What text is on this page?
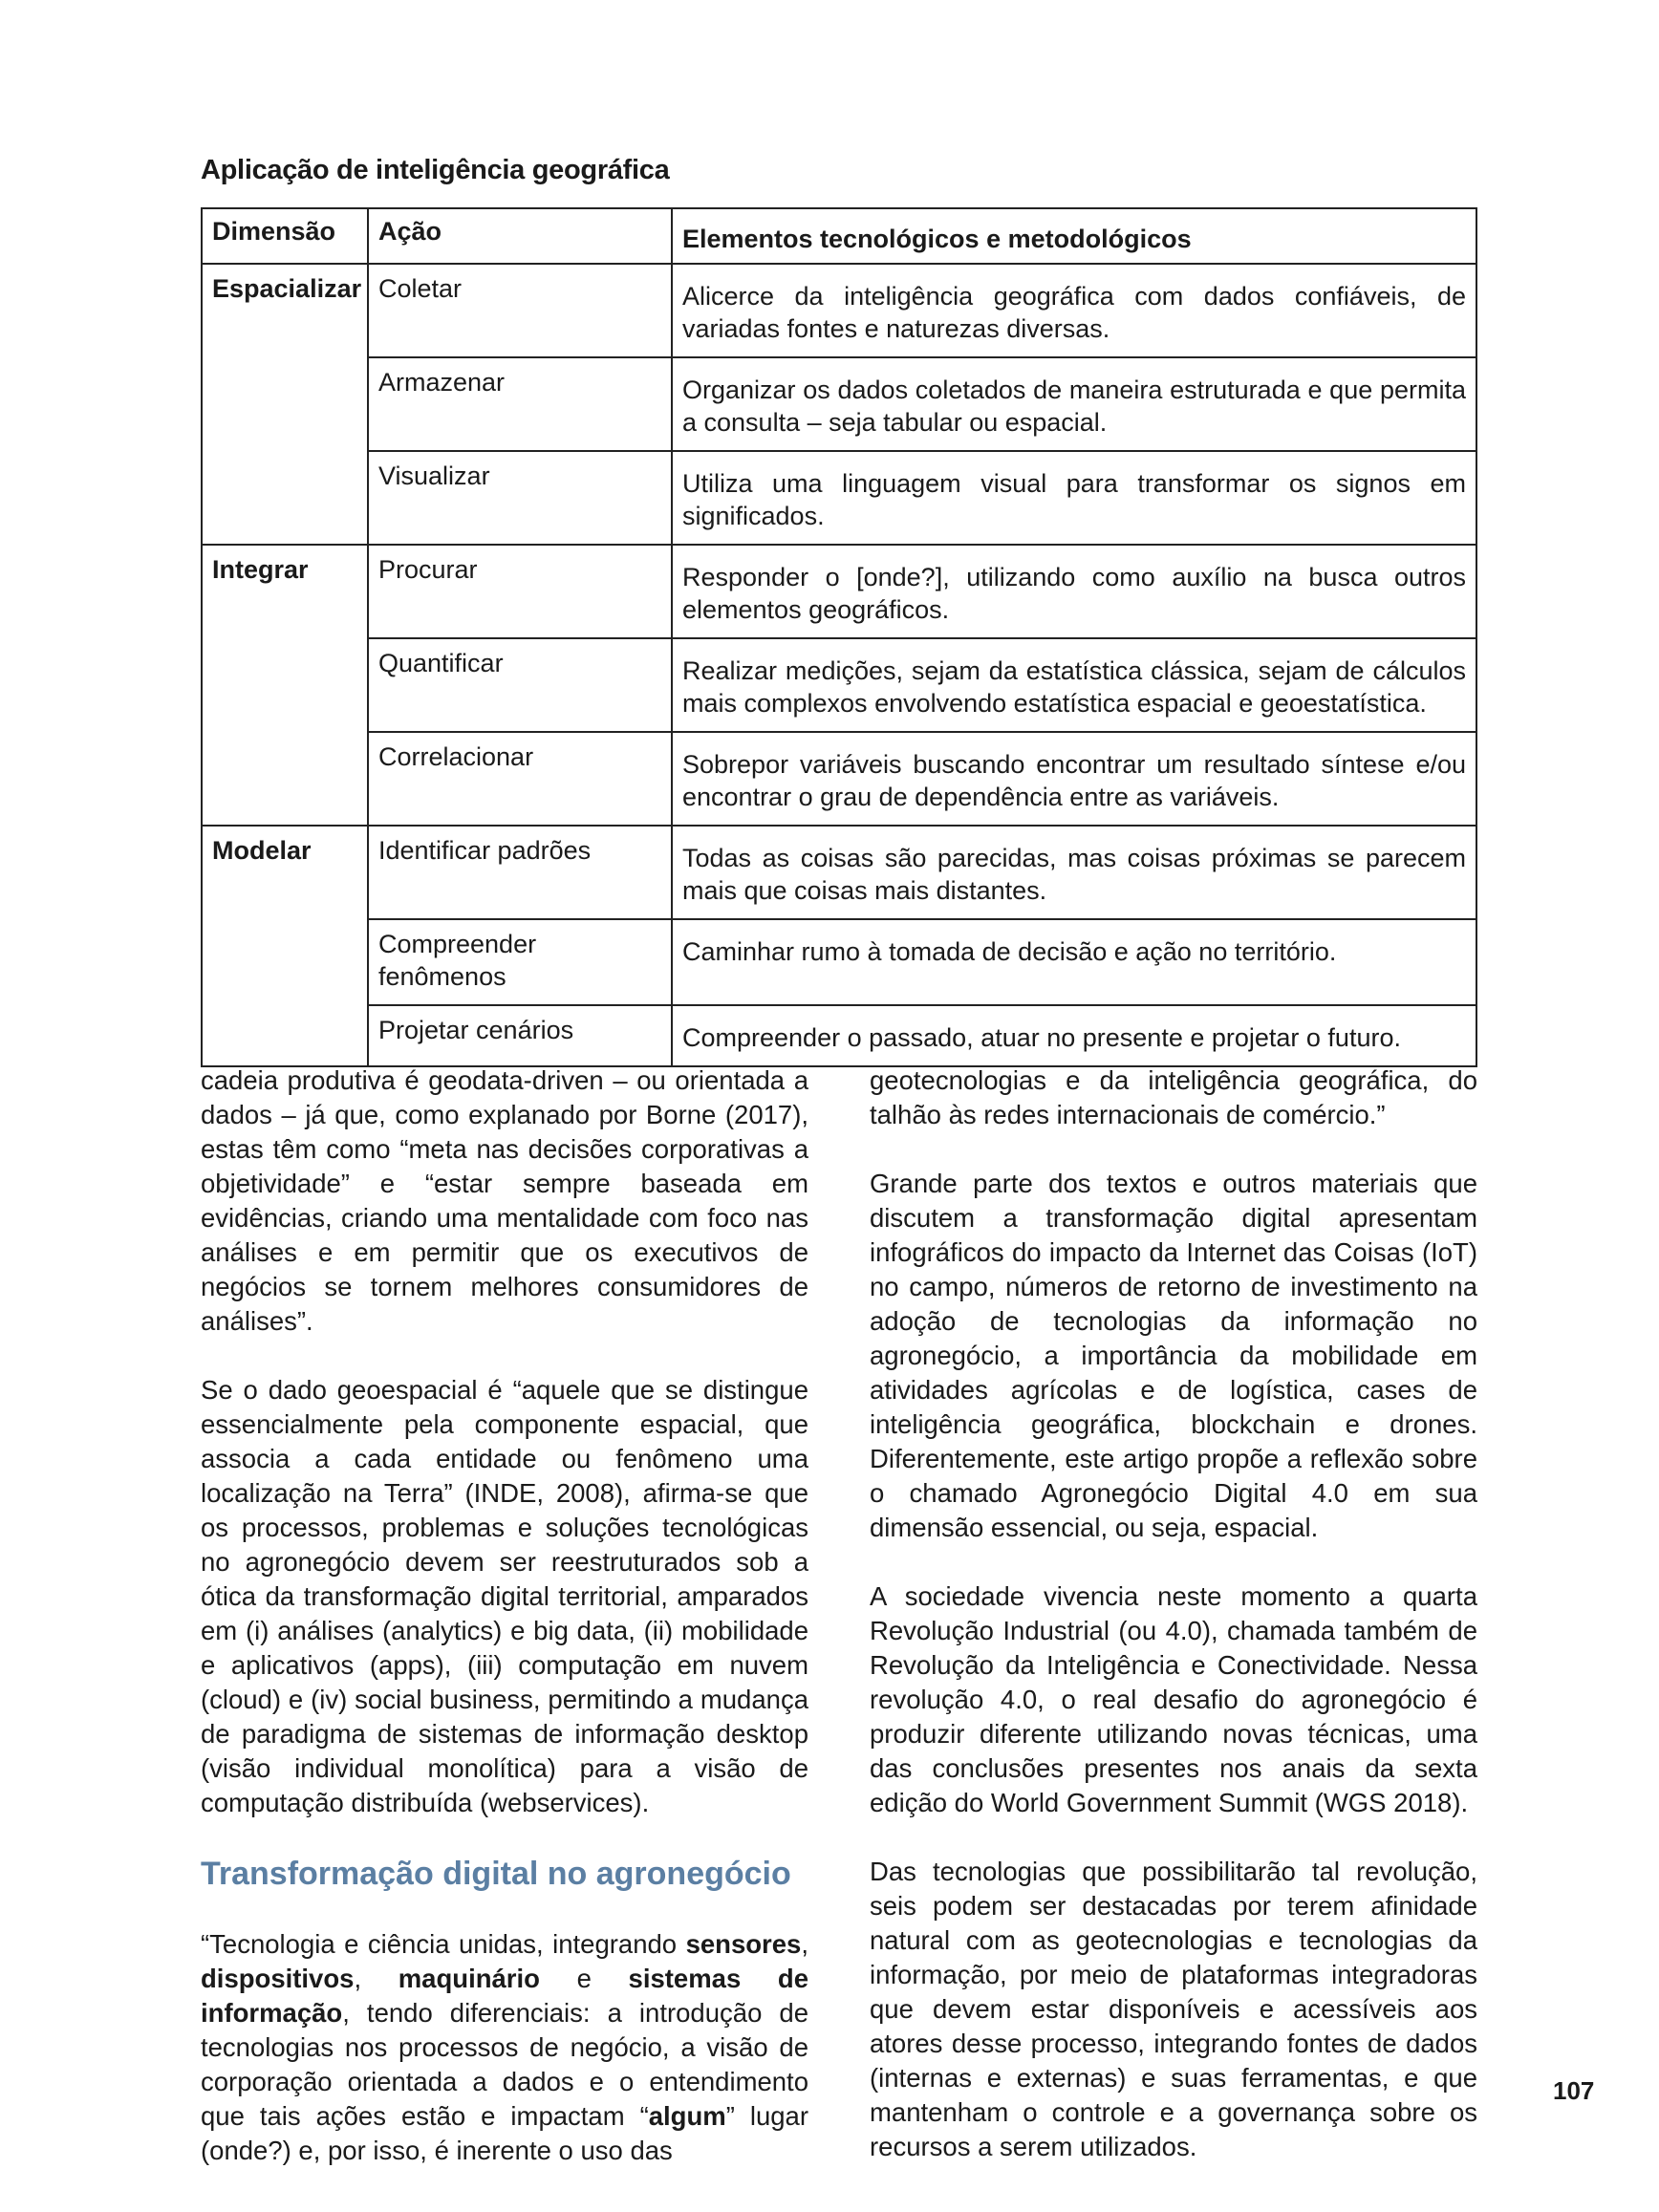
Aplicação de inteligência geográfica
Dimensão	Ação	Elementos tecnológicos e metodológicos
Espacializar	Coletar	Alicerce da inteligência geográfica com dados confiáveis, de variadas fontes e naturezas diversas.
	Armazenar	Organizar os dados coletados de maneira estruturada e que permita a consulta – seja tabular ou espacial.
	Visualizar	Utiliza uma linguagem visual para transformar os signos em significados.
Integrar	Procurar	Responder o [onde?], utilizando como auxílio na busca outros elementos geográficos.
	Quantificar	Realizar medições, sejam da estatística clássica, sejam de cálculos mais complexos envolvendo estatística espacial e geoestatística.
	Correlacionar	Sobrepor variáveis buscando encontrar um resultado síntese e/ou encontrar o grau de dependência entre as variáveis.
Modelar	Identificar padrões	Todas as coisas são parecidas, mas coisas próximas se parecem mais que coisas mais distantes.
	Compreender fenômenos	Caminhar rumo à tomada de decisão e ação no território.
	Projetar cenários	Compreender o passado, atuar no presente e projetar o futuro.

cadeia produtiva é geodata-driven – ou orientada a dados – já que, como explanado por Borne (2017), estas têm como “meta nas decisões corporativas a objetividade” e “estar sempre baseada em evidências, criando uma mentalidade com foco nas análises e em permitir que os executivos de negócios se tornem melhores consumidores de análises”.

Se o dado geoespacial é “aquele que se distingue essencialmente pela componente espacial, que associa a cada entidade ou fenômeno uma localização na Terra” (INDE, 2008), afirma-se que os processos, problemas e soluções tecnológicas no agronegócio devem ser reestruturados sob a ótica da transformação digital territorial, amparados em (i) análises (analytics) e big data, (ii) mobilidade e aplicativos (apps), (iii) computação em nuvem (cloud) e (iv) social business, permitindo a mudança de paradigma de sistemas de informação desktop (visão individual monolítica) para a visão de computação distribuída (webservices).

Transformação digital no agronegócio

“Tecnologia e ciência unidas, integrando sensores, dispositivos, maquinário e sistemas de informação, tendo diferenciais: a introdução de tecnologias nos processos de negócio, a visão de corporação orientada a dados e o entendimento que tais ações estão e impactam “algum” lugar (onde?) e, por isso, é inerente o uso das

geotecnologias e da inteligência geográfica, do talhão às redes internacionais de comércio.”

Grande parte dos textos e outros materiais que discutem a transformação digital apresentam infográficos do impacto da Internet das Coisas (IoT) no campo, números de retorno de investimento na adoção de tecnologias da informação no agronegócio, a importância da mobilidade em atividades agrícolas e de logística, cases de inteligência geográfica, blockchain e drones. Diferentemente, este artigo propõe a reflexão sobre o chamado Agronegócio Digital 4.0 em sua dimensão essencial, ou seja, espacial.

A sociedade vivencia neste momento a quarta Revolução Industrial (ou 4.0), chamada também de Revolução da Inteligência e Conectividade. Nessa revolução 4.0, o real desafio do agronegócio é produzir diferente utilizando novas técnicas, uma das conclusões presentes nos anais da sexta edição do World Government Summit (WGS 2018).

Das tecnologias que possibilitarão tal revolução, seis podem ser destacadas por terem afinidade natural com as geotecnologias e tecnologias da informação, por meio de plataformas integradoras que devem estar disponíveis e acessíveis aos atores desse processo, integrando fontes de dados (internas e externas) e suas ferramentas, e que mantenham o controle e a governança sobre os recursos a serem utilizados.

107
